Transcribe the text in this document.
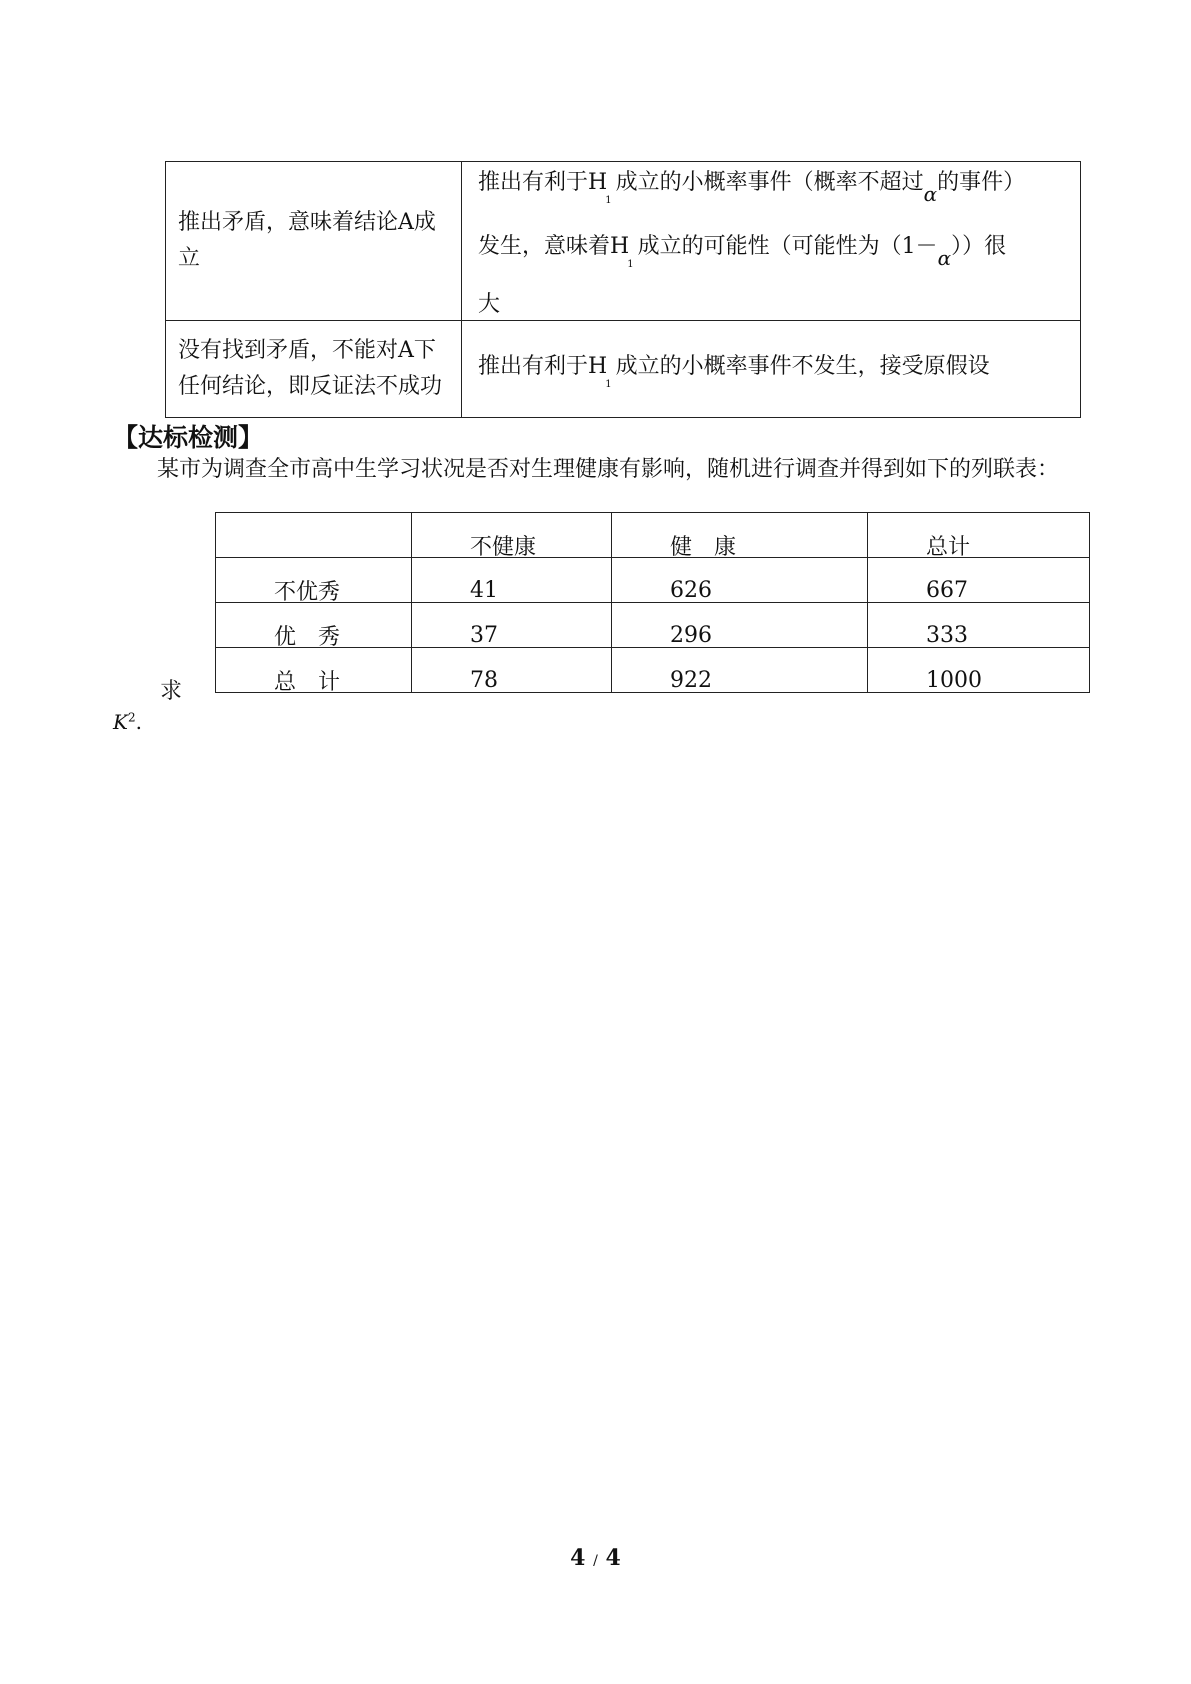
推出矛盾，意味着结论A成立	推出有利于$H_1$成立的小概率事件（概率不超过α的事件）
发生，意味着$H_1$成立的可能性（可能性为（1－α））很
大

没有找到矛盾，不能对A下任何结论，即反证法不成功	推出有利于$H_1$成立的小概率事件不发生，接受原假设
【达标检测】
某市为调查全市高中生学习状况是否对生理健康有影响，随机进行调查并得到如下的列联表：
	不健康	健　康	总计
不优秀	41	626	667
优　秀	37	296	333
总　计	78	922	1000
求
$K^2$.
4 / 4
